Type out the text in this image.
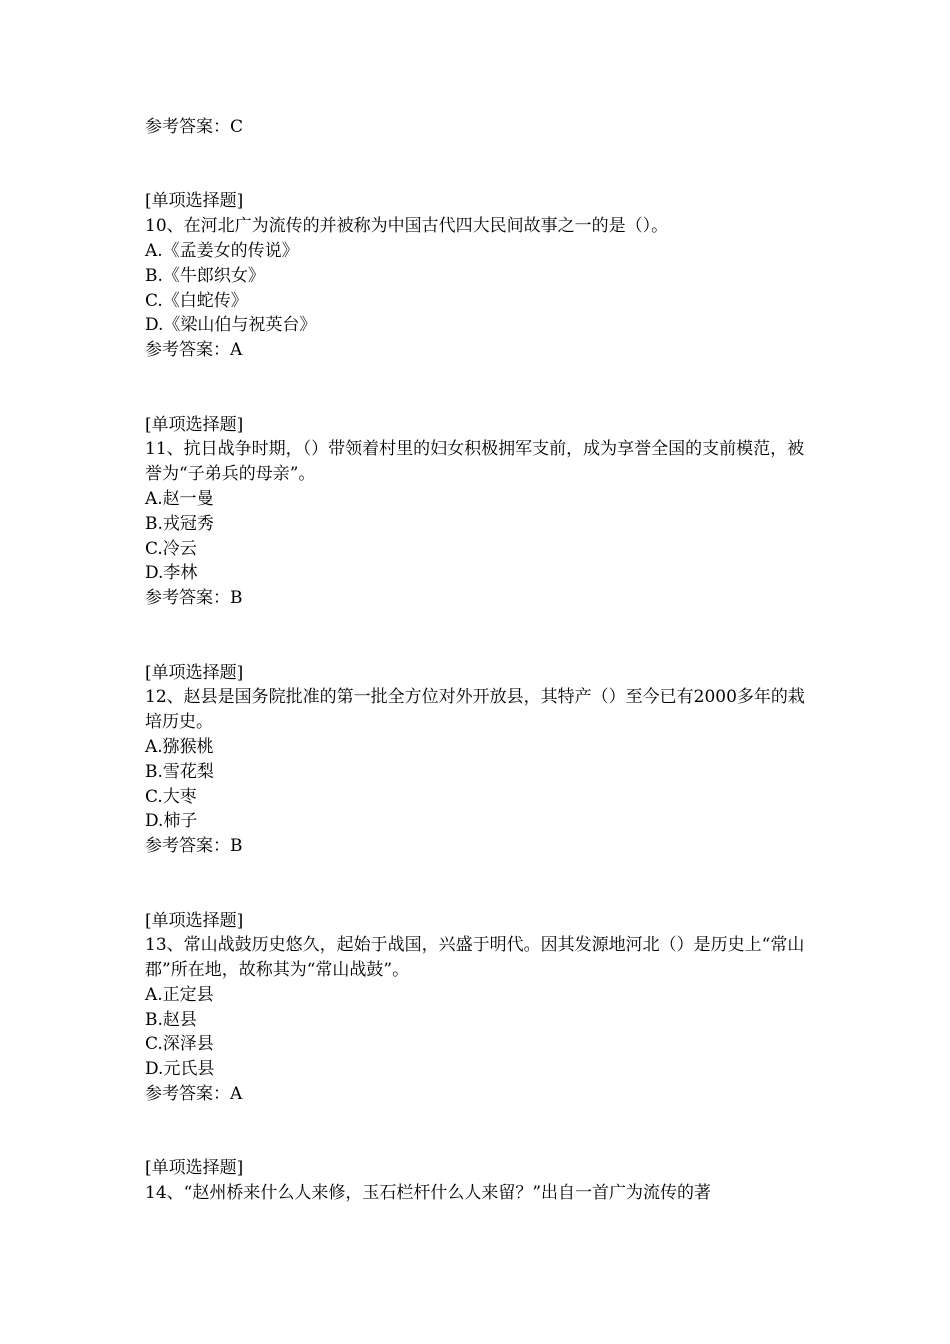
参考答案：C

[单项选择题]

10、在河北广为流传的并被称为中国古代四大民间故事之一的是（）。

A.《孟姜女的传说》

B.《牛郎织女》

C.《白蛇传》

D.《梁山伯与祝英台》

参考答案：A

[单项选择题]

11、抗日战争时期，（）带领着村里的妇女积极拥军支前，成为享誉全国的支前模范，被誉为“子弟兵的母亲”。

A.赵一曼

B.戎冠秀

C.冷云

D.李林

参考答案：B

[单项选择题]

12、赵县是国务院批准的第一批全方位对外开放县，其特产（）至今已有2000多年的栽培历史。

A.猕猴桃

B.雪花梨

C.大枣

D.柿子

参考答案：B

[单项选择题]

13、常山战鼓历史悠久，起始于战国，兴盛于明代。因其发源地河北（）是历史上“常山郡”所在地，故称其为“常山战鼓”。

A.正定县

B.赵县

C.深泽县

D.元氏县

参考答案：A

[单项选择题]

14、“赵州桥来什么人来修，玉石栏杆什么人来留？”出自一首广为流传的著
